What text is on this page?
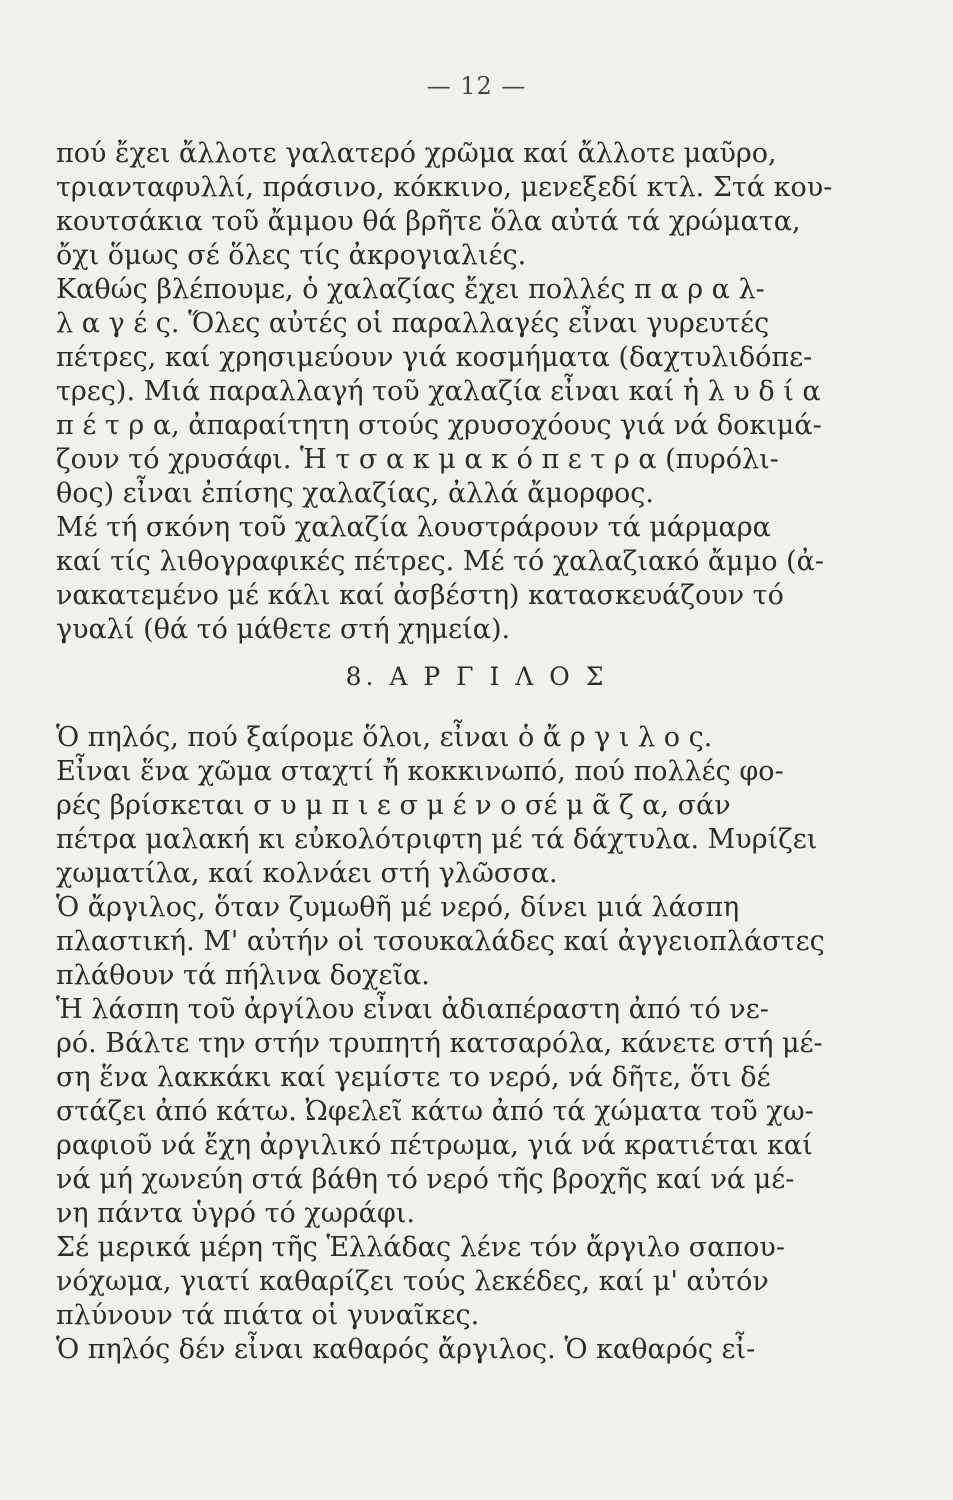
— 12 —
πού ἔχει ἄλλοτε γαλατερό χρῶμα καί ἄλλοτε μαῦρο,
τριανταφυλλί, πράσινο, κόκκινο, μενεξεδί κτλ. Στά κου-
κουτσάκια τοῦ ἄμμου θά βρῆτε ὅλα αὐτά τά χρώματα,
ὄχι ὅμως σέ ὅλες τίς ἀκρογιαλιές.
Καθώς βλέπουμε, ὁ χαλαζίας ἔχει πολλές π α ρ α λ-
λ α γ έ ς. Ὅλες αὐτές οἱ παραλλαγές εἶναι γυρευτές
πέτρες, καί χρησιμεύουν γιά κοσμήματα (δαχτυλιδόπε-
τρες). Μιά παραλλαγή τοῦ χαλαζία εἶναι καί ἡ λ υ δ ί α
π έ τ ρ α, ἀπαραίτητη στούς χρυσοχόους γιά νά δοκιμά-
ζουν τό χρυσάφι. Ἡ τ σ α κ μ α κ ό π ε τ ρ α (πυρόλι-
θος) εἶναι ἐπίσης χαλαζίας, ἀλλά ἄμορφος.
Μέ τή σκόνη τοῦ χαλαζία λουστράρουν τά μάρμαρα
καί τίς λιθογραφικές πέτρες. Μέ τό χαλαζιακό ἄμμο (ἀ-
νακατεμένο μέ κάλι καί ἀσβέστη) κατασκευάζουν τό
γυαλί (θά τό μάθετε στή χημεία).
8. Α Ρ Γ Ι Λ Ο Σ
Ὁ πηλός, πού ξαίρομε ὅλοι, εἶναι ὁ ἄ ρ γ ι λ ο ς.
Εἶναι ἕνα χῶμα σταχτί ἤ κοκκινωπό, πού πολλές φο-
ρές βρίσκεται σ υ μ π ι ε σ μ έ ν ο σέ μ ᾶ ζ α, σάν
πέτρα μαλακή κι εὐκολότριφτη μέ τά δάχτυλα. Μυρίζει
χωματίλα, καί κολνάει στή γλῶσσα.
Ὁ ἄργιλος, ὅταν ζυμωθῆ μέ νερό, δίνει μιά λάσπη
πλαστική. Μ' αὐτήν οἱ τσουκαλάδες καί ἀγγειοπλάστες
πλάθουν τά πήλινα δοχεῖα.
Ἡ λάσπη τοῦ ἀργίλου εἶναι ἀδιαπέραστη ἀπό τό νε-
ρό. Βάλτε την στήν τρυπητή κατσαρόλα, κάνετε στή μέ-
ση ἕνα λακκάκι καί γεμίστε το νερό, νά δῆτε, ὅτι δέ
στάζει ἀπό κάτω. Ὠφελεῖ κάτω ἀπό τά χώματα τοῦ χω-
ραφιοῦ νά ἔχη ἀργιλικό πέτρωμα, γιά νά κρατιέται καί
νά μή χωνεύη στά βάθη τό νερό τῆς βροχῆς καί νά μέ-
νη πάντα ὑγρό τό χωράφι.
Σέ μερικά μέρη τῆς Ἑλλάδας λένε τόν ἄργιλο σαπου-
νόχωμα, γιατί καθαρίζει τούς λεκέδες, καί μ' αὐτόν
πλύνουν τά πιάτα οἱ γυναῖκες.
Ὁ πηλός δέν εἶναι καθαρός ἄργιλος. Ὁ καθαρός εἶ-
